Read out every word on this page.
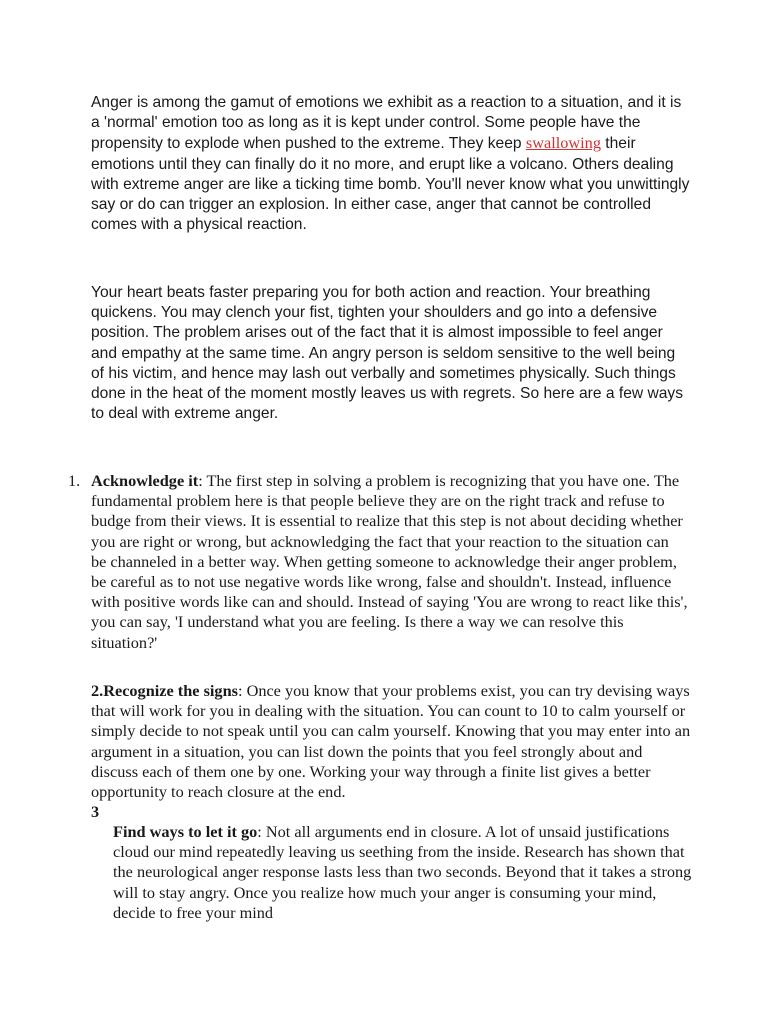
Anger is among the gamut of emotions we exhibit as a reaction to a situation, and it is a 'normal' emotion too as long as it is kept under control. Some people have the propensity to explode when pushed to the extreme. They keep swallowing their emotions until they can finally do it no more, and erupt like a volcano. Others dealing with extreme anger are like a ticking time bomb. You'll never know what you unwittingly say or do can trigger an explosion. In either case, anger that cannot be controlled comes with a physical reaction.

Your heart beats faster preparing you for both action and reaction. Your breathing quickens. You may clench your fist, tighten your shoulders and go into a defensive position. The problem arises out of the fact that it is almost impossible to feel anger and empathy at the same time. An angry person is seldom sensitive to the well being of his victim, and hence may lash out verbally and sometimes physically. Such things done in the heat of the moment mostly leaves us with regrets. So here are a few ways to deal with extreme anger.

1. Acknowledge it: The first step in solving a problem is recognizing that you have one. The fundamental problem here is that people believe they are on the right track and refuse to budge from their views. It is essential to realize that this step is not about deciding whether you are right or wrong, but acknowledging the fact that your reaction to the situation can be channeled in a better way. When getting someone to acknowledge their anger problem, be careful as to not use negative words like wrong, false and shouldn't. Instead, influence with positive words like can and should. Instead of saying 'You are wrong to react like this', you can say, 'I understand what you are feeling. Is there a way we can resolve this situation?'

2.Recognize the signs: Once you know that your problems exist, you can try devising ways that will work for you in dealing with the situation. You can count to 10 to calm yourself or simply decide to not speak until you can calm yourself. Knowing that you may enter into an argument in a situation, you can list down the points that you feel strongly about and discuss each of them one by one. Working your way through a finite list gives a better opportunity to reach closure at the end.

3

Find ways to let it go: Not all arguments end in closure. A lot of unsaid justifications cloud our mind repeatedly leaving us seething from the inside. Research has shown that the neurological anger response lasts less than two seconds. Beyond that it takes a strong will to stay angry. Once you realize how much your anger is consuming your mind, decide to free your mind
